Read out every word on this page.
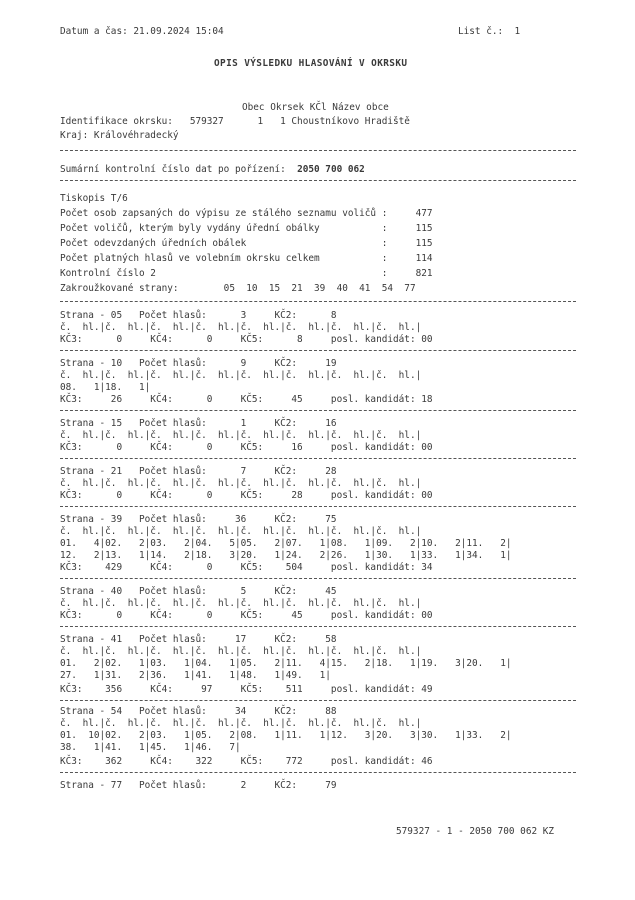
Datum a čas: 21.09.2024 15:04	List č.:  1
OPIS VÝSLEDKU HLASOVÁNÍ V OKRSKU
Obec Okrsek KČl Název obce
Identifikace okrsku:   579327      1   1 Choustníkovo Hradiště
Kraj: Královéhradecký
Sumární kontrolní číslo dat po pořízení: 2050 700 062
Tiskopis T/6
Počet osob zapsaných do výpisu ze stálého seznamu voličů :     477
Počet voličů, kterým byly vydány úřední obálky           :     115
Počet odevzdaných úředních obálek                        :     115
Počet platných hlasů ve volebním okrsku celkem           :     114
Kontrolní číslo 2                                        :     821
Zakroužkované strany:        05  10  15  21  39  40  41  54  77
Strana - 05   Počet hlasů:      3     KČ2:      8
č.  hl.|č.  hl.|č.  hl.|č.  hl.|č.  hl.|č.  hl.|č.  hl.|č.  hl.|
KČ3:      0     KČ4:      0     KČ5:      8     posl. kandidát: 00
Strana - 10   Počet hlasů:      9     KČ2:     19
č.  hl.|č.  hl.|č.  hl.|č.  hl.|č.  hl.|č.  hl.|č.  hl.|č.  hl.|
08.   1|18.   1|
KČ3:     26     KČ4:      0     KČ5:     45     posl. kandidát: 18
Strana - 15   Počet hlasů:      1     KČ2:     16
č.  hl.|č.  hl.|č.  hl.|č.  hl.|č.  hl.|č.  hl.|č.  hl.|č.  hl.|
KČ3:      0     KČ4:      0     KČ5:     16     posl. kandidát: 00
Strana - 21   Počet hlasů:      7     KČ2:     28
č.  hl.|č.  hl.|č.  hl.|č.  hl.|č.  hl.|č.  hl.|č.  hl.|č.  hl.|
KČ3:      0     KČ4:      0     KČ5:     28     posl. kandidát: 00
Strana - 39   Počet hlasů:     36     KČ2:     75
č.  hl.|č.  hl.|č.  hl.|č.  hl.|č.  hl.|č.  hl.|č.  hl.|č.  hl.|
01.   4|02.   2|03.   2|04.   5|05.   2|07.   1|08.   1|09.   2|10.   2|11.   2|
12.   2|13.   1|14.   2|18.   3|20.   1|24.   2|26.   1|30.   1|33.   1|34.   1|
KČ3:    429     KČ4:      0     KČ5:    504     posl. kandidát: 34
Strana - 40   Počet hlasů:      5     KČ2:     45
č.  hl.|č.  hl.|č.  hl.|č.  hl.|č.  hl.|č.  hl.|č.  hl.|č.  hl.|
KČ3:      0     KČ4:      0     KČ5:     45     posl. kandidát: 00
Strana - 41   Počet hlasů:     17     KČ2:     58
č.  hl.|č.  hl.|č.  hl.|č.  hl.|č.  hl.|č.  hl.|č.  hl.|č.  hl.|
01.   2|02.   1|03.   1|04.   1|05.   2|11.   4|15.   2|18.   1|19.   3|20.   1|
27.   1|31.   2|36.   1|41.   1|48.   1|49.   1|
KČ3:    356     KČ4:     97     KČ5:    511     posl. kandidát: 49
Strana - 54   Počet hlasů:     34     KČ2:     88
č.  hl.|č.  hl.|č.  hl.|č.  hl.|č.  hl.|č.  hl.|č.  hl.|č.  hl.|
01.  10|02.   2|03.   1|05.   2|08.   1|11.   1|12.   3|20.   3|30.   1|33.   2|
38.   1|41.   1|45.   1|46.   7|
KČ3:    362     KČ4:    322     KČ5:    772     posl. kandidát: 46
Strana - 77   Počet hlasů:      2     KČ2:     79
579327 - 1 - 2050 700 062 KZ
